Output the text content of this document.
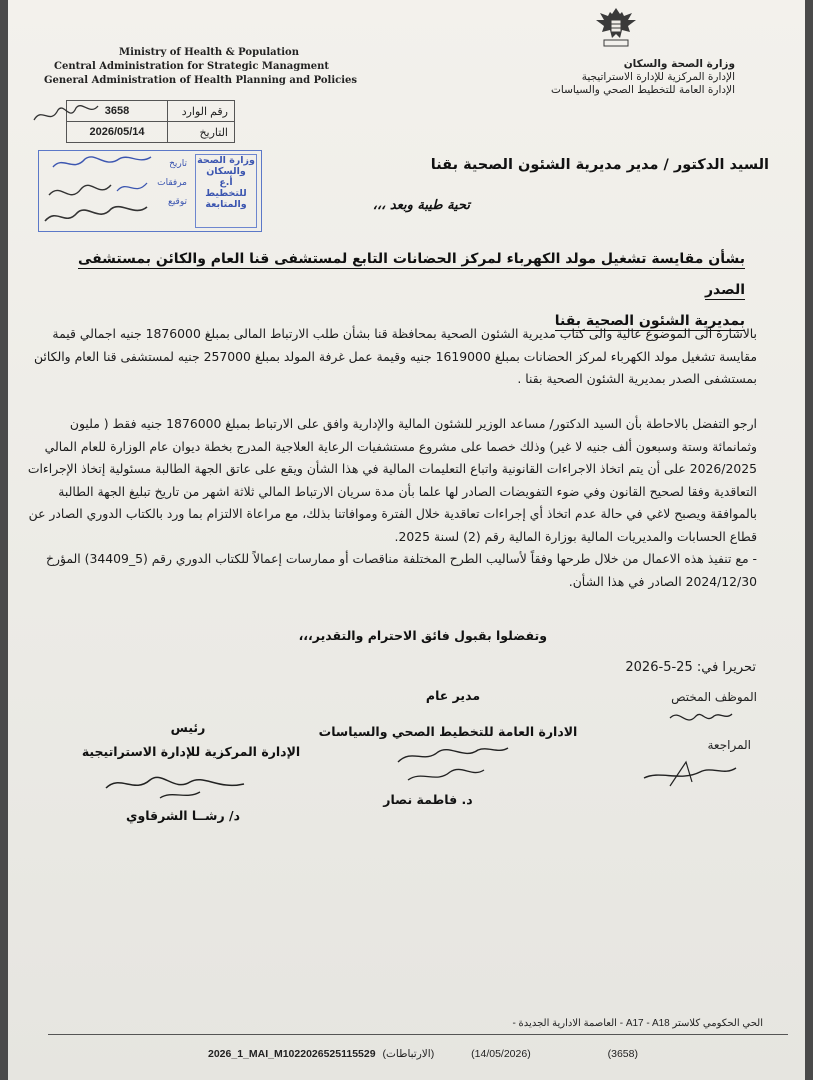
Ministry of Health & Population
Central Administration for Strategic Managment
General Administration of Health Planning and Policies
وزارة الصحة والسكان
الإدارة المركزية للإدارة الاستراتيجية
الإدارة العامة للتخطيط الصحي والسياسات
3658	رقم الوارد
2026/05/14	التاريخ
وزارة الصحة
والسكان
أ.ع
للتخطيط والمتابعة
تاريخ
مرفقات
توقيع
السيد الدكتور / مدير مديرية الشئون الصحية بقنا
تحية طيبة وبعد ،،،
بشأن مقايسة تشغيل مولد الكهرباء لمركز الحضانات التابع لمستشفى قنا العام والكائن بمستشفى الصدر
بمديرية الشئون الصحية بقنا
بالاشارة الى الموضوع عالية والى كتاب مديرية الشئون الصحية بمحافظة قنا بشأن طلب الارتباط المالى بمبلغ 1876000 جنيه اجمالي قيمة مقايسة تشغيل مولد الكهرباء لمركز الحضانات بمبلغ 1619000 جنيه وقيمة عمل غرفة المولد بمبلغ 257000 جنيه لمستشفى قنا العام والكائن بمستشفى الصدر بمديرية الشئون الصحية بقنا .
ارجو التفضل بالاحاطة بأن السيد الدكتور/ مساعد الوزير للشئون المالية والإدارية وافق على الارتباط بمبلغ 1876000 جنيه فقط ( مليون وثمانمائة وستة وسبعون ألف جنيه لا غير) وذلك خصما على مشروع مستشفيات الرعاية العلاجية المدرج بخطة ديوان عام الوزارة للعام المالي 2026/2025 على أن يتم اتخاذ الاجراءات القانونية واتباع التعليمات المالية في هذا الشأن ويقع على عاتق الجهة الطالبة مسئولية إتخاذ الإجراءات التعاقدية وفقا لصحيح القانون وفي ضوء التفويضات الصادر لها علما بأن مدة سريان الارتباط المالي ثلاثة اشهر من تاريخ تبليغ الجهة الطالبة بالموافقة ويصبح لاغي في حالة عدم اتخاذ أي إجراءات تعاقدية خلال الفترة وموافاتنا بذلك، مع مراعاة الالتزام بما ورد بالكتاب الدوري الصادر عن قطاع الحسابات والمديريات المالية بوزارة المالية رقم (2) لسنة 2025.
- مع تنفيذ هذه الاعمال من خلال طرحها وفقاً لأساليب الطرح المختلفة مناقصات أو ممارسات إعمالاً للكتاب الدوري رقم (5_34409) المؤرخ 2024/12/30 الصادر في هذا الشأن.
وتفضلوا بقبول فائق الاحترام والتقدير،،،
تحريرا في: 25-5-2026
الموظف المختص
المراجعة
مدير عام
الادارة العامة للتخطيط الصحي والسياسات
د. فاطمة نصار
رئيس
الإدارة المركزية للإدارة الاستراتيجية
د/ رشــا الشرقاوي
الحي الحكومي كلاستر A17 - A18 - العاصمة الادارية الجديدة -
2026_1_MAI_M1022026525115529 (الارتباطات)	(14/05/2026)	(3658)
